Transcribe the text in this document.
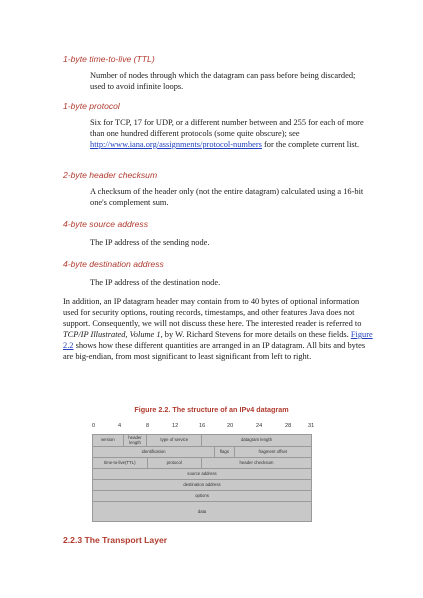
1-byte time-to-live (TTL)
Number of nodes through which the datagram can pass before being discarded; used to avoid infinite loops.
1-byte protocol
Six for TCP, 17 for UDP, or a different number between and 255 for each of more than one hundred different protocols (some quite obscure); see http://www.iana.org/assignments/protocol-numbers for the complete current list.
2-byte header checksum
A checksum of the header only (not the entire datagram) calculated using a 16-bit one's complement sum.
4-byte source address
The IP address of the sending node.
4-byte destination address
The IP address of the destination node.
In addition, an IP datagram header may contain from to 40 bytes of optional information used for security options, routing records, timestamps, and other features Java does not support. Consequently, we will not discuss these here. The interested reader is referred to TCP/IP Illustrated, Volume 1, by W. Richard Stevens for more details on these fields. Figure 2.2 shows how these different quantities are arranged in an IP datagram. All bits and bytes are big-endian, from most significant to least significant from left to right.
Figure 2.2. The structure of an IPv4 datagram
0	4	8	12	16	20	24	28	31
version	header length	type of service	datagram length
identification	flags	fragment offset
time-to-live(TTL)	protocol	header checksum
source address
destination address
options
data
2.2.3 The Transport Layer
